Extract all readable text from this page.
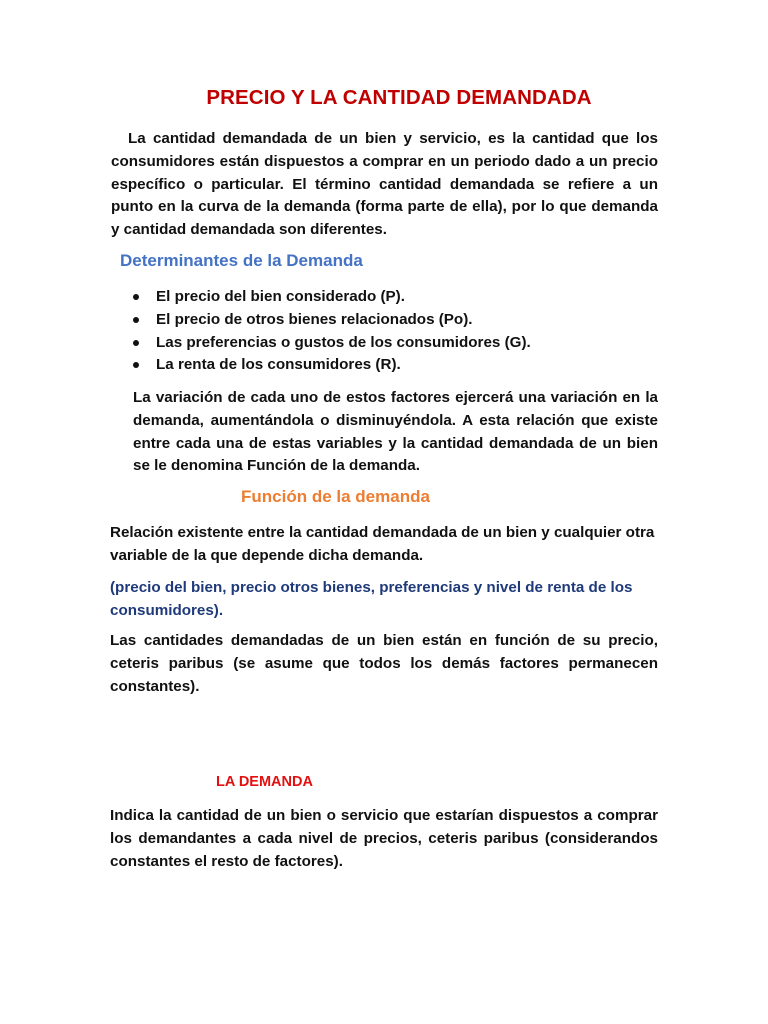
PRECIO Y LA CANTIDAD DEMANDADA

La cantidad demandada de un bien y servicio, es la cantidad que los consumidores están dispuestos a comprar en un periodo dado a un precio específico o particular. El término cantidad demandada se refiere a un punto en la curva de la demanda (forma parte de ella), por lo que demanda y cantidad demandada son diferentes.

Determinantes de la Demanda
El precio del bien considerado (P).
El precio de otros bienes relacionados (Po).
Las preferencias o gustos de los consumidores (G).
La renta de los consumidores (R).

La variación de cada uno de estos factores ejercerá una variación en la demanda, aumentándola o disminuyéndola. A esta relación que existe entre cada una de estas variables y la cantidad demandada de un bien se le denomina Función de la demanda.

Función de la demanda

Relación existente entre la cantidad demandada de un bien y cualquier otra variable de la que depende dicha demanda.

(precio del bien, precio otros bienes, preferencias y nivel de renta de los consumidores).

Las cantidades demandadas de un bien están en función de su precio, ceteris paribus (se asume que todos los demás factores permanecen constantes).

LA DEMANDA

Indica la cantidad de un bien o servicio que estarían dispuestos a comprar los demandantes a cada nivel de precios, ceteris paribus (considerandos constantes el resto de factores).
